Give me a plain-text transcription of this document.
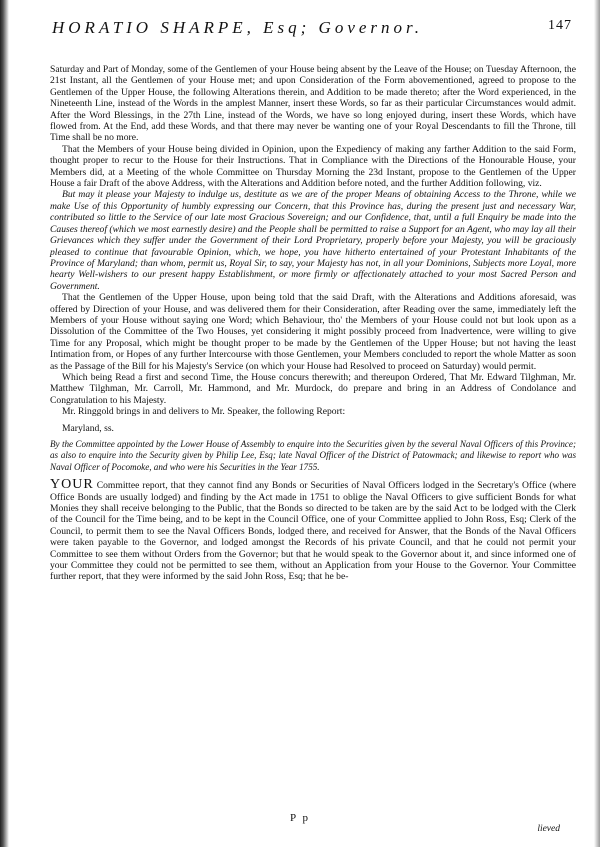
HORATIO SHARPE, Esq; Governor.	147

Saturday and Part of Monday, some of the Gentlemen of your House being absent by the Leave of the House; on Tuesday Afternoon, the 21st Instant, all the Gentlemen of your House met; and upon Consideration of the Form abovementioned, agreed to propose to the Gentlemen of the Upper House, the following Alterations therein, and Addition to be made thereto; after the Word experienced, in the Nineteenth Line, instead of the Words in the amplest Manner, insert these Words, so far as their particular Circumstances would admit. After the Word Blessings, in the 27th Line, instead of the Words, we have so long enjoyed during, insert these Words, which have flowed from. At the End, add these Words, and that there may never be wanting one of your Royal Descendants to fill the Throne, till Time shall be no more.

That the Members of your House being divided in Opinion, upon the Expediency of making any farther Addition to the said Form, thought proper to recur to the House for their Instructions. That in Compliance with the Directions of the Honourable House, your Members did, at a Meeting of the whole Committee on Thursday Morning the 23d Instant, propose to the Gentlemen of the Upper House a fair Draft of the above Address, with the Alterations and Addition before noted, and the further Addition following, viz.

But may it please your Majesty to indulge us, destitute as we are of the proper Means of obtaining Access to the Throne, while we make Use of this Opportunity of humbly expressing our Concern, that this Province has, during the present just and necessary War, contributed so little to the Service of our late most Gracious Sovereign; and our Confidence, that, until a full Enquiry be made into the Causes thereof (which we most earnestly desire) and the People shall be permitted to raise a Support for an Agent, who may lay all their Grievances which they suffer under the Government of their Lord Proprietary, properly before your Majesty, you will be graciously pleased to continue that favourable Opinion, which, we hope, you have hitherto entertained of your Protestant Inhabitants of the Province of Maryland; than whom, permit us, Royal Sir, to say, your Majesty has not, in all your Dominions, Subjects more Loyal, more hearty Well-wishers to our present happy Establishment, or more firmly or affectionately attached to your most Sacred Person and Government.

That the Gentlemen of the Upper House, upon being told that the said Draft, with the Alterations and Additions aforesaid, was offered by Direction of your House, and was delivered them for their Consideration, after Reading over the same, immediately left the Members of your House without saying one Word; which Behaviour, tho' the Members of your House could not but look upon as a Dissolution of the Committee of the Two Houses, yet considering it might possibly proceed from Inadvertence, were willing to give Time for any Proposal, which might be thought proper to be made by the Gentlemen of the Upper House; but not having the least Intimation from, or Hopes of any further Intercourse with those Gentlemen, your Members concluded to report the whole Matter as soon as the Passage of the Bill for his Majesty's Service (on which your House had Resolved to proceed on Saturday) would permit.

Which being Read a first and second Time, the House concurs therewith; and thereupon Ordered, That Mr. Edward Tilghman, Mr. Matthew Tilghman, Mr. Carroll, Mr. Hammond, and Mr. Murdock, do prepare and bring in an Address of Condolance and Congratulation to his Majesty.

Mr. Ringgold brings in and delivers to Mr. Speaker, the following Report:

Maryland, ss.

By the Committee appointed by the Lower House of Assembly to enquire into the Securities given by the several Naval Officers of this Province; as also to enquire into the Security given by Philip Lee, Esq; late Naval Officer of the District of Patowmack; and likewise to report who was Naval Officer of Pocomoke, and who were his Securities in the Year 1755.

YOUR Committee report, that they cannot find any Bonds or Securities of Naval Officers lodged in the Secretary's Office (where Office Bonds are usually lodged) and finding by the Act made in 1751 to oblige the Naval Officers to give sufficient Bonds for what Monies they shall receive belonging to the Public, that the Bonds so directed to be taken are by the said Act to be lodged with the Clerk of the Council for the Time being, and to be kept in the Council Office, one of your Committee applied to John Ross, Esq; Clerk of the Council, to permit them to see the Naval Officers Bonds, lodged there, and received for Answer, that the Bonds of the Naval Officers were taken payable to the Governor, and lodged amongst the Records of his private Council, and that he could not permit your Committee to see them without Orders from the Governor; but that he would speak to the Governor about it, and since informed one of your Committee they could not be permitted to see them, without an Application from your House to the Governor. Your Committee further report, that they were informed by the said John Ross, Esq; that he be-

P p
lieved
